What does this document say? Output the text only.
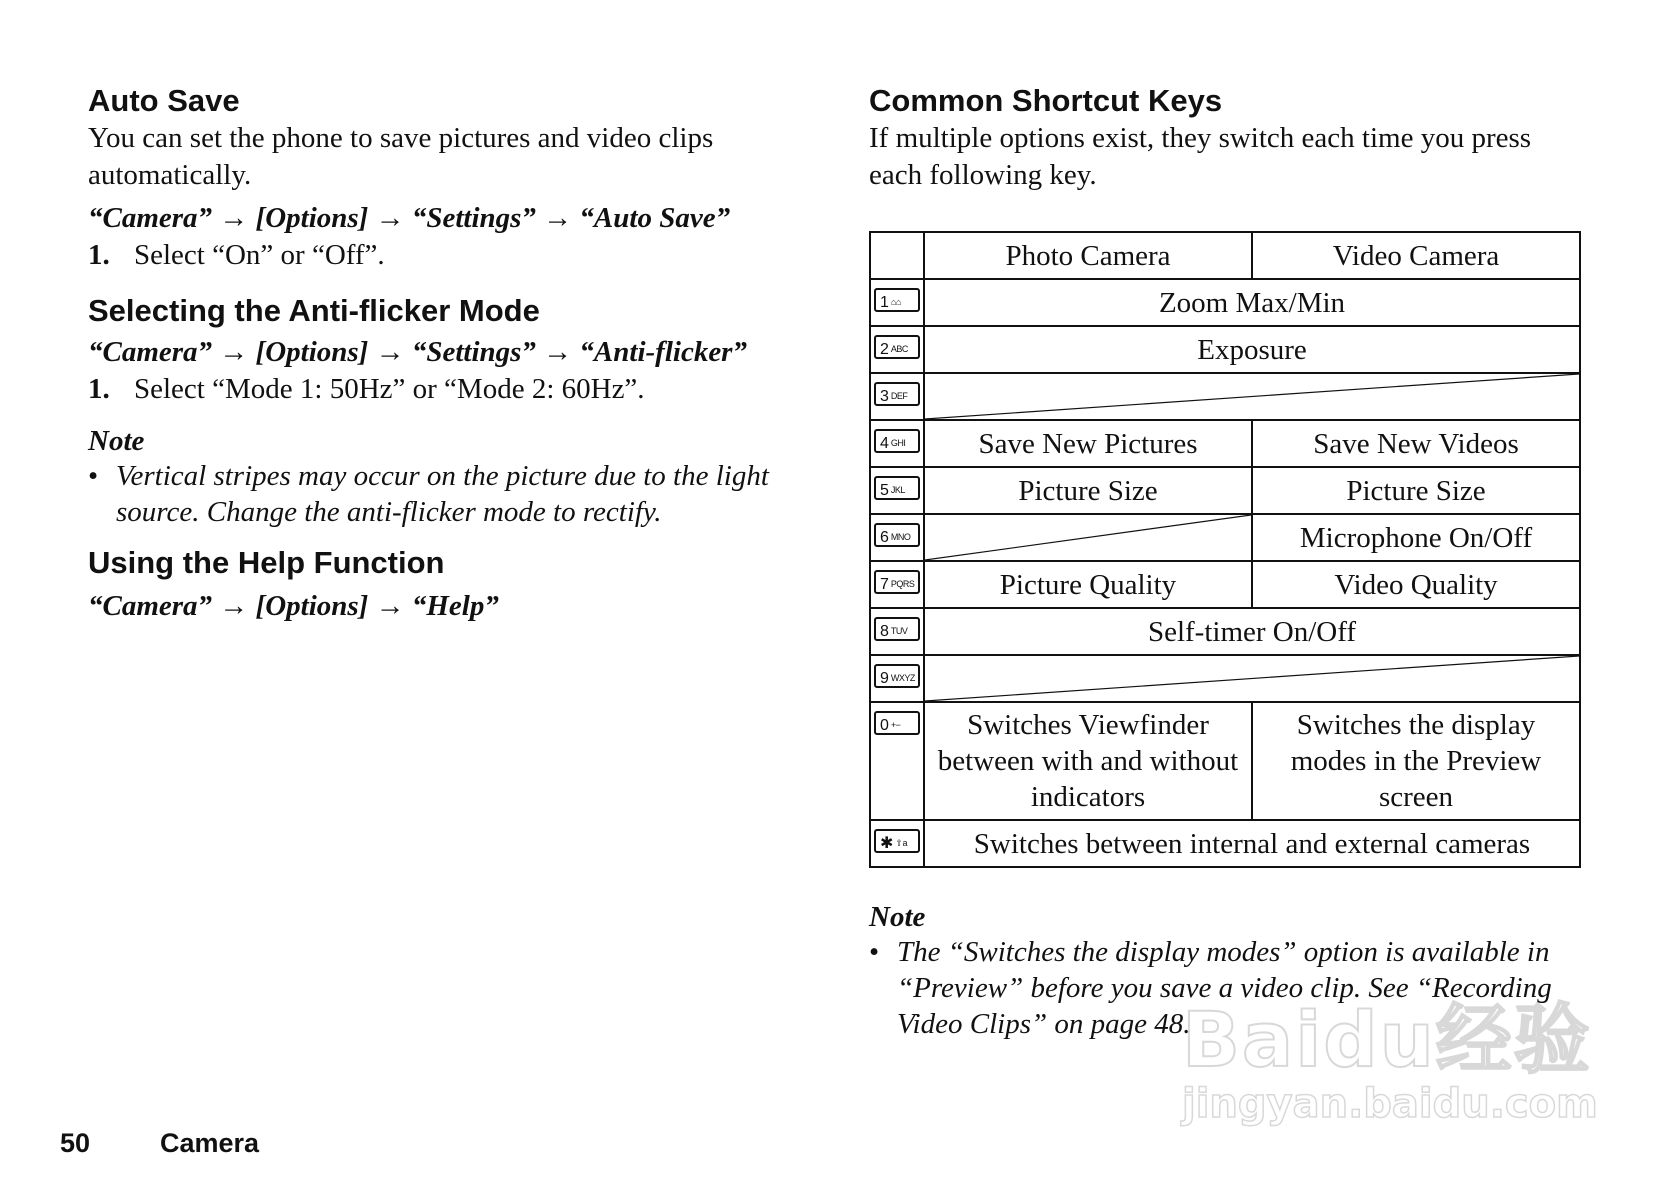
Auto Save

You can set the phone to save pictures and video clips automatically.

“Camera” → [Options] → “Settings” → “Auto Save”

1. Select “On” or “Off”.
Selecting the Anti-flicker Mode

“Camera” → [Options] → “Settings” → “Anti-flicker”

1. Select “Mode 1: 50Hz” or “Mode 2: 60Hz”.

Note

• Vertical stripes may occur on the picture due to the light source. Change the anti-flicker mode to rectify.
Using the Help Function

“Camera” → [Options] → “Help”

Common Shortcut Keys

If multiple options exist, they switch each time you press each following key.

	Photo Camera	Video Camera
1 ⌂⌂	Zoom Max/Min	
2 ABC	Exposure	
3 DEF	

4 GHI	Save New Pictures	Save New Videos
5 JKL	Picture Size	Picture Size
6 MNO		Microphone On/Off
7 PQRS	Picture Quality	Video Quality
8 TUV	Self-timer On/Off	
9 WXYZ	

0 +−	Switches Viewfinder between with and without indicators	Switches the display modes in the Preview screen
✱ ⇧a	Switches between internal and external cameras	

Note

• The “Switches the display modes” option is available in “Preview” before you save a video clip. See “Recording Video Clips” on page 48.
Baidu经验
jingyan.baidu.com
50	Camera
